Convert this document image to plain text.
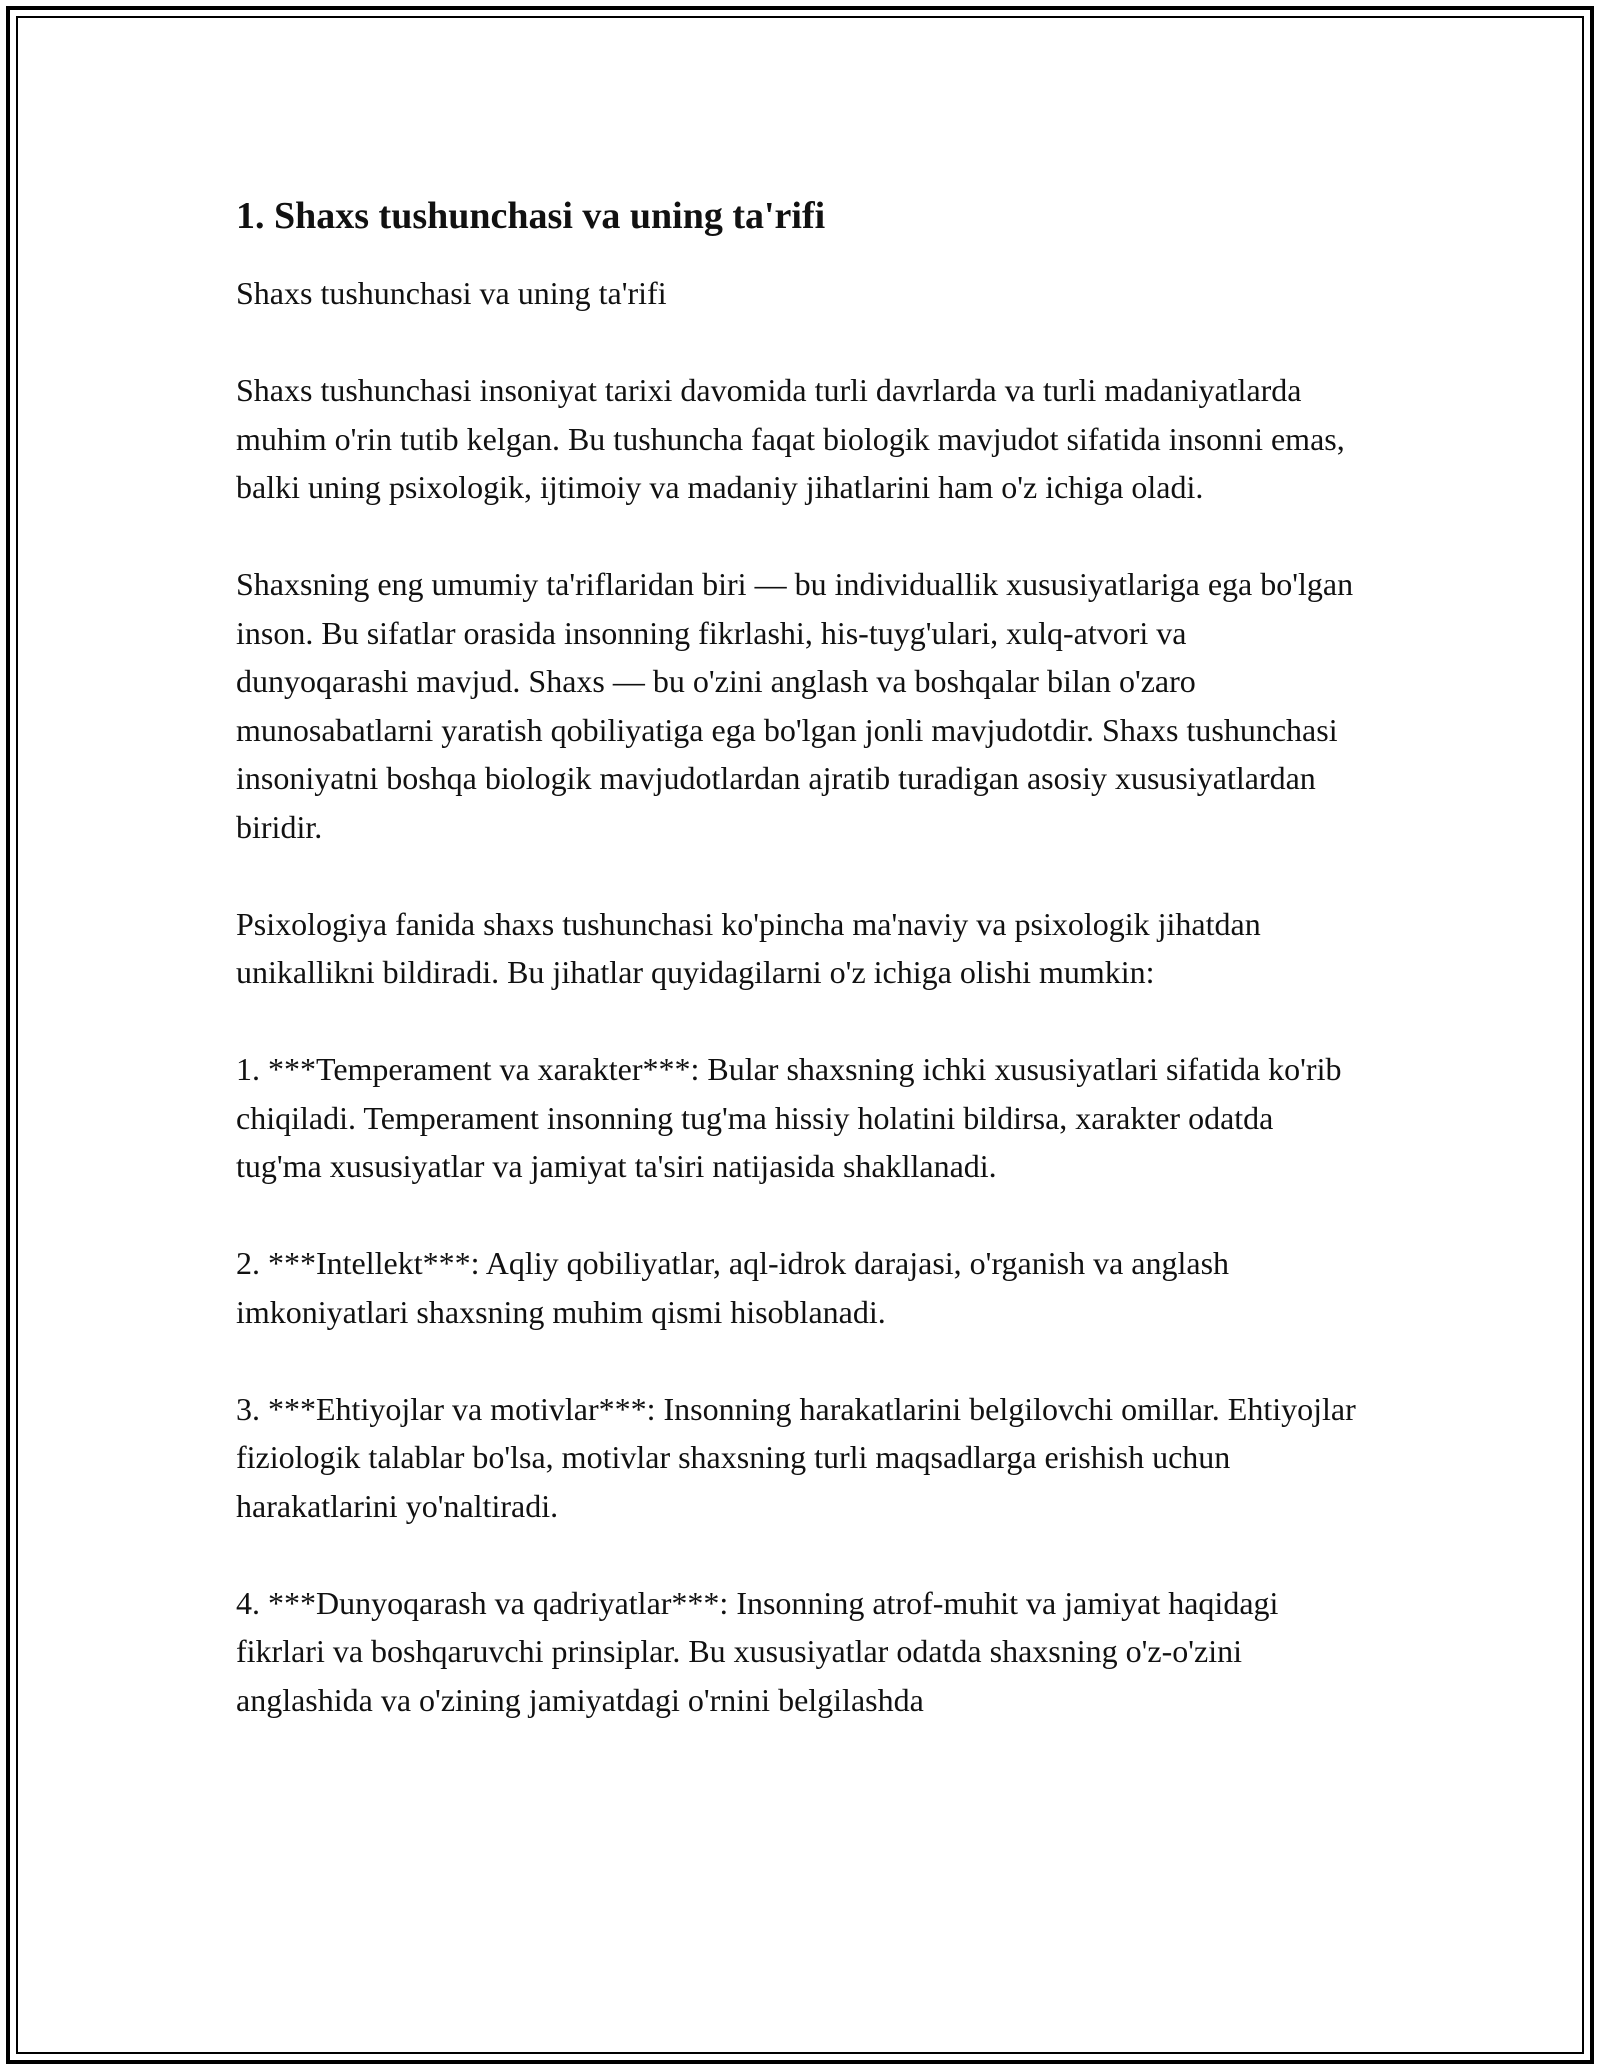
1. Shaxs tushunchasi va uning ta'rifi

Shaxs tushunchasi va uning ta'rifi

Shaxs tushunchasi insoniyat tarixi davomida turli davrlarda va turli madaniyatlarda muhim o'rin tutib kelgan. Bu tushuncha faqat biologik mavjudot sifatida insonni emas, balki uning psixologik, ijtimoiy va madaniy jihatlarini ham o'z ichiga oladi.

Shaxsning eng umumiy ta'riflaridan biri — bu individuallik xususiyatlariga ega bo'lgan inson. Bu sifatlar orasida insonning fikrlashi, his-tuyg'ulari, xulq-atvori va dunyoqarashi mavjud. Shaxs — bu o'zini anglash va boshqalar bilan o'zaro munosabatlarni yaratish qobiliyatiga ega bo'lgan jonli mavjudotdir. Shaxs tushunchasi insoniyatni boshqa biologik mavjudotlardan ajratib turadigan asosiy xususiyatlardan biridir.

Psixologiya fanida shaxs tushunchasi ko'pincha ma'naviy va psixologik jihatdan unikallikni bildiradi. Bu jihatlar quyidagilarni o'z ichiga olishi mumkin:

1. ***Temperament va xarakter***: Bular shaxsning ichki xususiyatlari sifatida ko'rib chiqiladi. Temperament insonning tug'ma hissiy holatini bildirsa, xarakter odatda tug'ma xususiyatlar va jamiyat ta'siri natijasida shakllanadi.

2. ***Intellekt***: Aqliy qobiliyatlar, aql-idrok darajasi, o'rganish va anglash imkoniyatlari shaxsning muhim qismi hisoblanadi.

3. ***Ehtiyojlar va motivlar***: Insonning harakatlarini belgilovchi omillar. Ehtiyojlar fiziologik talablar bo'lsa, motivlar shaxsning turli maqsadlarga erishish uchun harakatlarini yo'naltiradi.

4. ***Dunyoqarash va qadriyatlar***: Insonning atrof-muhit va jamiyat haqidagi fikrlari va boshqaruvchi prinsiplar. Bu xususiyatlar odatda shaxsning o'z-o'zini anglashida va o'zining jamiyatdagi o'rnini belgilashda
